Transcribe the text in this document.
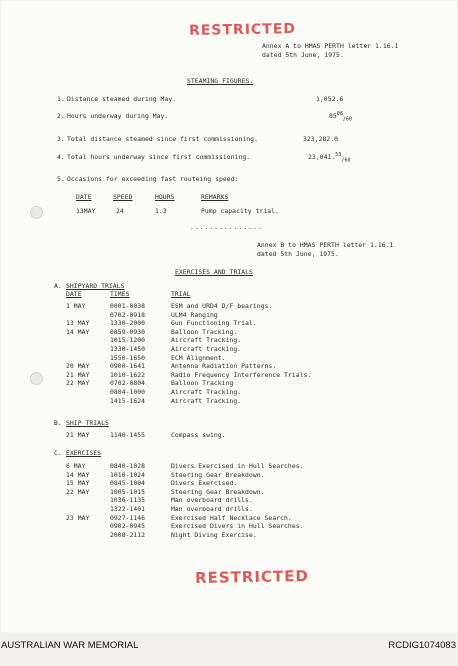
RESTRICTED
Annex A to HMAS PERTH letter 1.16.1
dated 5th June, 1975.
STEAMING FIGURES.
1. Distance steamed during May.	1,052.6
2. Hours underway during May.	$85^{08}_{/60}$
3. Total distance steamed since first commissioning.	323,282.0
4. Total hours underway since first commissioning.	$23,041.53_{/60}$
5. Occasions for exceeding fast routeing speed:
DATE	SPEED	HOURS	REMARKS
13MAY	24	1.3	Pump capacity trial.
...............
Annex B to HMAS PERTH letter 1.16.1
dated 5th June, 1975.
EXERCISES AND TRIALS
A. SHIPYARD TRIALS
DATE	TIMES	TRIAL
1 MAY	0001-0038	ESM and URD4 D/F bearings.
0702-0918	ULM4 Ranging
13 MAY	1330-2000	Gun Functioning Trial.
14 MAY	0859-0930	Balloon Tracking.
1015-1200	Aircraft Tracking.
1330-1450	Aircraft tracking.
1550-1650	ECM Alignment.
20 MAY	0900-1641	Antenna Radiation Patterns.
21 MAY	1010-1622	Radio Frequency Interference Trials.
22 MAY	0702-0804	Balloon Tracking
0804-1000	Aircraft Tracking.
1415-1624	Aircraft Tracking.
B. SHIP TRIALS
21 MAY	1140-1455	Compass swing.
C. EXERCISES
6 MAY	0840-1028	Divers Exercised in Hull Searches.
14 MAY	1010-1024	Steering Gear Breakdown.
15 MAY	0845-1004	Divers Exercised.
22 MAY	1005-1015	Steering Gear Breakdown.
1036-1135	Man overboard drills.
1322-1401	Man overboard drills.
23 MAY	0927-1146	Exercised Half Necklace Search.
0902-0945	Exercised Divers in Hull Searches.
2008-2112	Night Diving Exercise.
RESTRICTED
AUSTRALIAN WAR MEMORIAL	RCDIG1074083
